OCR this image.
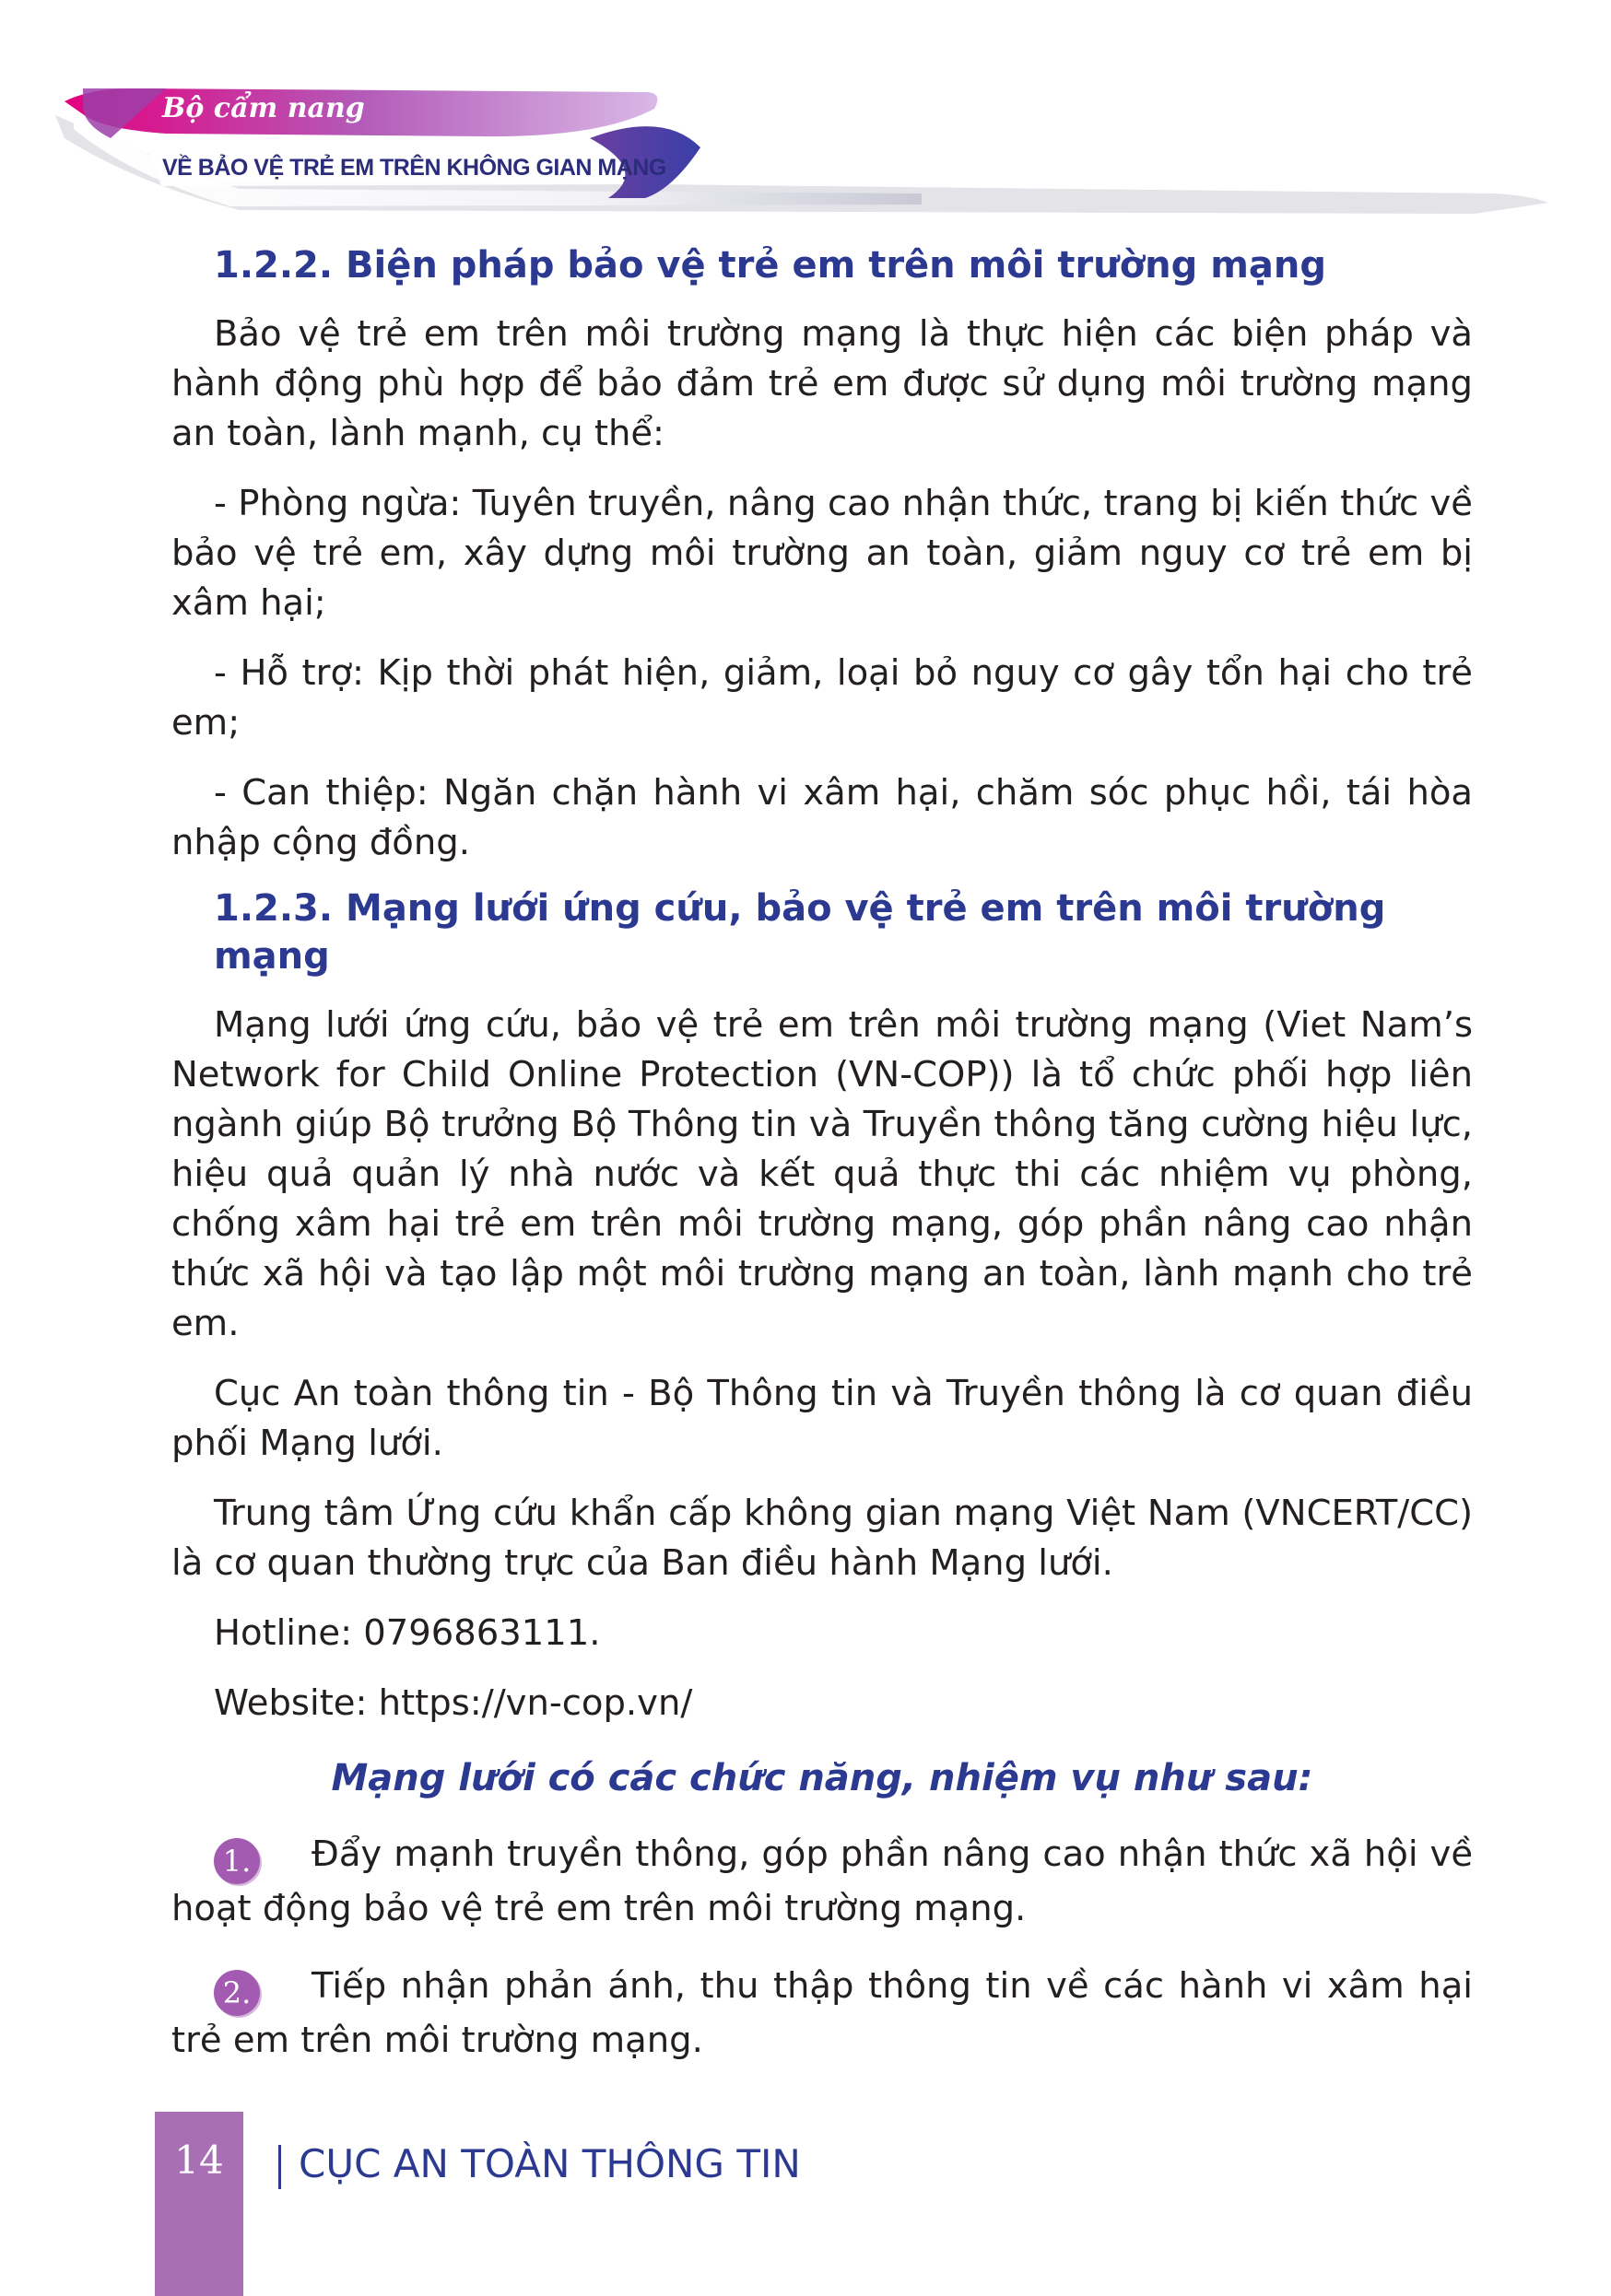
Bộ cẩm nang
VỀ BẢO VỆ TRẺ EM TRÊN KHÔNG GIAN MẠNG
1.2.2. Biện pháp bảo vệ trẻ em trên môi trường mạng

Bảo vệ trẻ em trên môi trường mạng là thực hiện các biện pháp và hành động phù hợp để bảo đảm trẻ em được sử dụng môi trường mạng an toàn, lành mạnh, cụ thể:

- Phòng ngừa: Tuyên truyền, nâng cao nhận thức, trang bị kiến thức về bảo vệ trẻ em, xây dựng môi trường an toàn, giảm nguy cơ trẻ em bị xâm hại;

- Hỗ trợ: Kịp thời phát hiện, giảm, loại bỏ nguy cơ gây tổn hại cho trẻ em;

- Can thiệp: Ngăn chặn hành vi xâm hại, chăm sóc phục hồi, tái hòa nhập cộng đồng.

1.2.3. Mạng lưới ứng cứu, bảo vệ trẻ em trên môi trường mạng

Mạng lưới ứng cứu, bảo vệ trẻ em trên môi trường mạng (Viet Nam’s Network for Child Online Protection (VN-COP)) là tổ chức phối hợp liên ngành giúp Bộ trưởng Bộ Thông tin và Truyền thông tăng cường hiệu lực, hiệu quả quản lý nhà nước và kết quả thực thi các nhiệm vụ phòng, chống xâm hại trẻ em trên môi trường mạng, góp phần nâng cao nhận thức xã hội và tạo lập một môi trường mạng an toàn, lành mạnh cho trẻ em.

Cục An toàn thông tin - Bộ Thông tin và Truyền thông là cơ quan điều phối Mạng lưới.

Trung tâm Ứng cứu khẩn cấp không gian mạng Việt Nam (VNCERT/CC) là cơ quan thường trực của Ban điều hành Mạng lưới.

Hotline: 0796863111.

Website: https://vn-cop.vn/

Mạng lưới có các chức năng, nhiệm vụ như sau:

1. Đẩy mạnh truyền thông, góp phần nâng cao nhận thức xã hội về hoạt động bảo vệ trẻ em trên môi trường mạng.

2. Tiếp nhận phản ánh, thu thập thông tin về các hành vi xâm hại trẻ em trên môi trường mạng.

14	CỤC AN TOÀN THÔNG TIN
